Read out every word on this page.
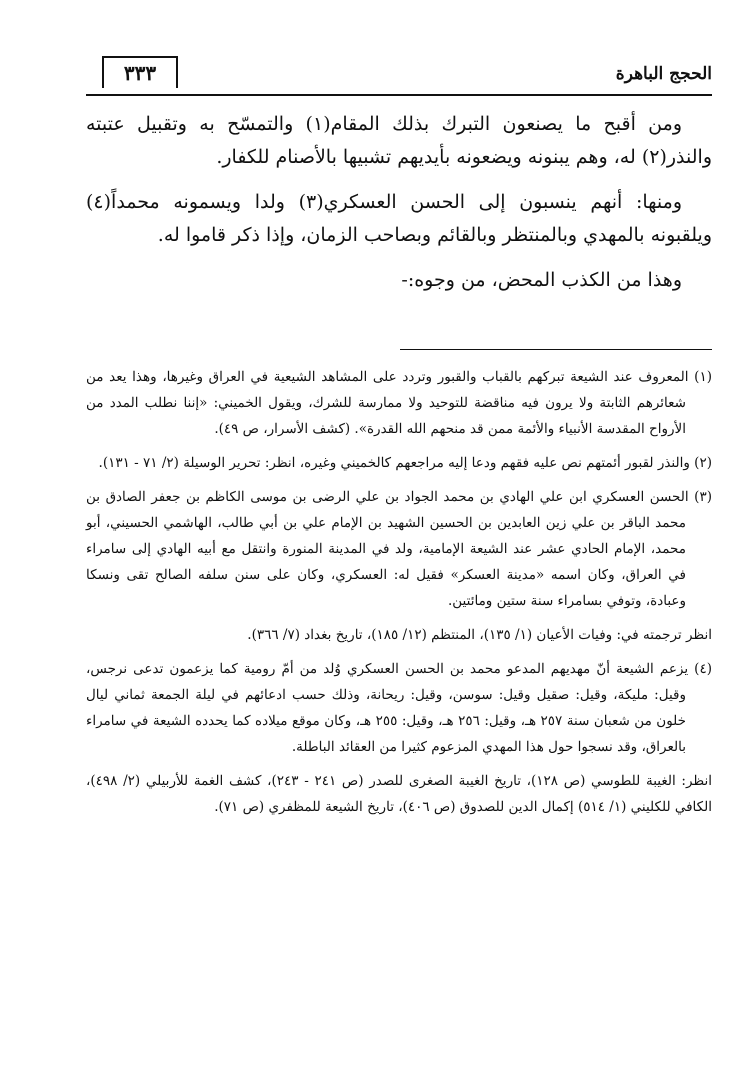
٣٣٣	الحجج الباهرة

ومن أقبح ما يصنعون التبرك بذلك المقام(١) والتمسّح به وتقبيل عتبته والنذر(٢) له، وهم يبنونه ويضعونه بأيديهم تشبيها بالأصنام للكفار.

ومنها: أنهم ينسبون إلى الحسن العسكري(٣) ولدا ويسمونه محمداً(٤) ويلقبونه بالمهدي وبالمنتظر وبالقائم وبصاحب الزمان، وإذا ذكر قاموا له.

وهذا من الكذب المحض، من وجوه:-

(١) المعروف عند الشيعة تبركهم بالقباب والقبور وتردد على المشاهد الشيعية في العراق وغيرها، وهذا يعد من شعائرهم الثابتة ولا يرون فيه مناقضة للتوحيد ولا ممارسة للشرك، ويقول الخميني: «إننا نطلب المدد من الأرواح المقدسة الأنبياء والأئمة ممن قد منحهم الله القدرة». (كشف الأسرار، ص ٤٩).

(٢) والنذر لقبور أئمتهم نص عليه فقهم ودعا إليه مراجعهم كالخميني وغيره، انظر: تحرير الوسيلة (٢/ ٧١ - ١٣١).

(٣) الحسن العسكري ابن علي الهادي بن محمد الجواد بن علي الرضى بن موسى الكاظم بن جعفر الصادق بن محمد الباقر بن علي زين العابدين بن الحسين الشهيد بن الإمام علي بن أبي طالب، الهاشمي الحسيني، أبو محمد، الإمام الحادي عشر عند الشيعة الإمامية، ولد في المدينة المنورة وانتقل مع أبيه الهادي إلى سامراء في العراق، وكان اسمه «مدينة العسكر» فقيل له: العسكري، وكان على سنن سلفه الصالح تقى ونسكا وعبادة، وتوفي بسامراء سنة ستين ومائتين.

انظر ترجمته في: وفيات الأعيان (١/ ١٣٥)، المنتظم (١٢/ ١٨٥)، تاريخ بغداد (٧/ ٣٦٦).

(٤) يزعم الشيعة أنّ مهديهم المدعو محمد بن الحسن العسكري وُلد من أمّ رومية كما يزعمون تدعى نرجس، وقيل: مليكة، وقيل: صقيل وقيل: سوسن، وقيل: ريحانة، وذلك حسب ادعائهم في ليلة الجمعة ثماني ليال خلون من شعبان سنة ٢٥٧ هـ، وقيل: ٢٥٦ هـ، وقيل: ٢٥٥ هـ، وكان موقع ميلاده كما يحدده الشيعة في سامراء بالعراق، وقد نسجوا حول هذا المهدي المزعوم كثيرا من العقائد الباطلة.

انظر: الغيبة للطوسي (ص ١٢٨)، تاريخ الغيبة الصغرى للصدر (ص ٢٤١ - ٢٤٣)، كشف الغمة للأربيلي (٢/ ٤٩٨)، الكافي للكليني (١/ ٥١٤) إكمال الدين للصدوق (ص ٤٠٦)، تاريخ الشيعة للمظفري (ص ٧١).
